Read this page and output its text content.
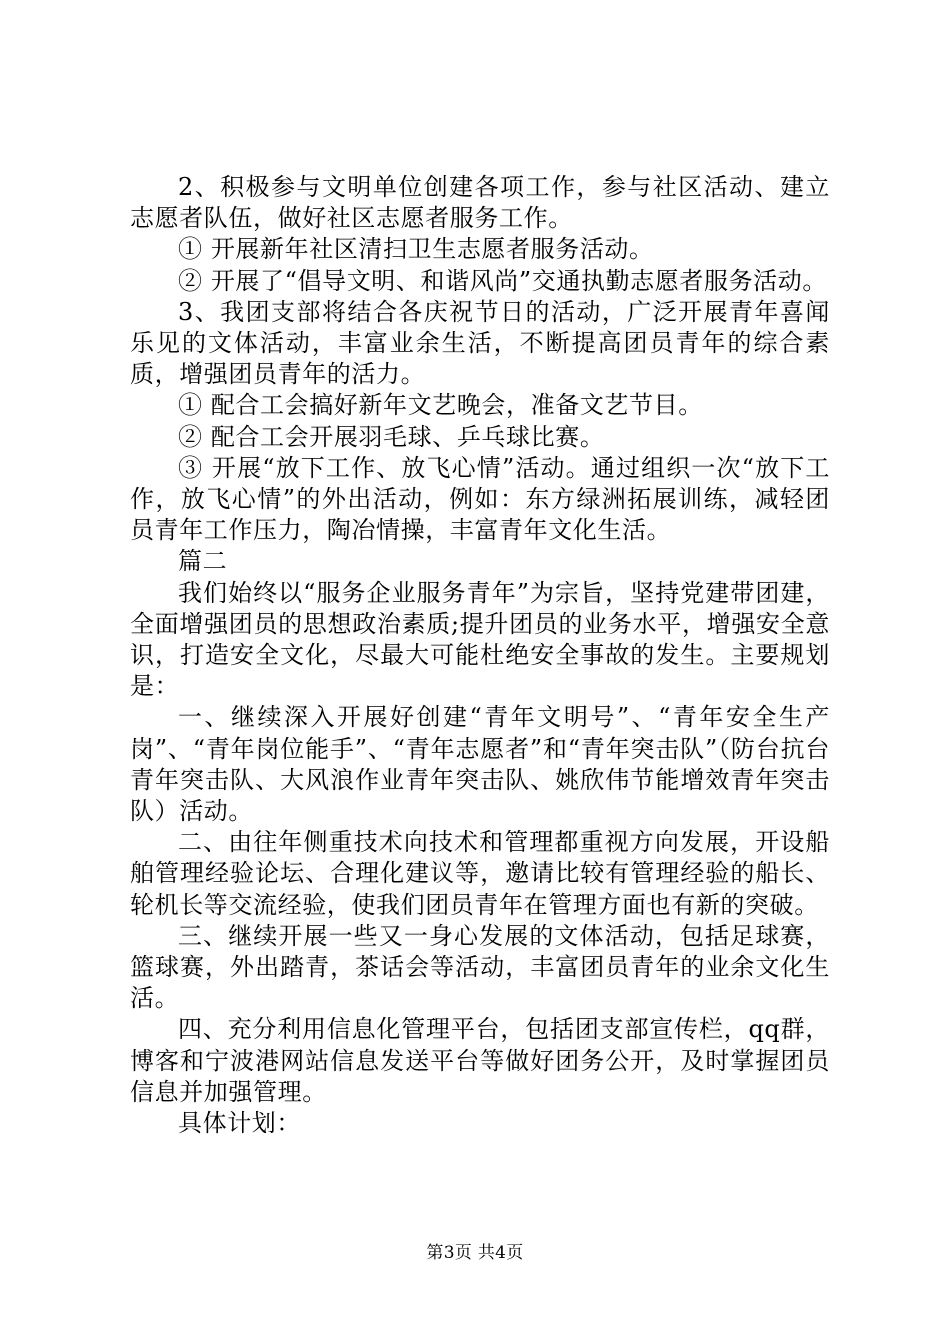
2、积极参与文明单位创建各项工作，参与社区活动、建立志愿者队伍，做好社区志愿者服务工作。

① 开展新年社区清扫卫生志愿者服务活动。

② 开展了“倡导文明、和谐风尚”交通执勤志愿者服务活动。

3、我团支部将结合各庆祝节日的活动，广泛开展青年喜闻乐见的文体活动，丰富业余生活，不断提高团员青年的综合素质，增强团员青年的活力。

① 配合工会搞好新年文艺晚会，准备文艺节目。

② 配合工会开展羽毛球、乒乓球比赛。

③ 开展“放下工作、放飞心情”活动。通过组织一次“放下工作，放飞心情”的外出活动，例如：东方绿洲拓展训练，减轻团员青年工作压力，陶冶情操，丰富青年文化生活。

篇二

我们始终以“服务企业服务青年”为宗旨，坚持党建带团建，全面增强团员的思想政治素质;提升团员的业务水平，增强安全意识，打造安全文化，尽最大可能杜绝安全事故的发生。主要规划是：

一、继续深入开展好创建“青年文明号”、“青年安全生产岗”、“青年岗位能手”、“青年志愿者”和“青年突击队”（防台抗台青年突击队、大风浪作业青年突击队、姚欣伟节能增效青年突击队）活动。

二、由往年侧重技术向技术和管理都重视方向发展，开设船舶管理经验论坛、合理化建议等，邀请比较有管理经验的船长、轮机长等交流经验，使我们团员青年在管理方面也有新的突破。

三、继续开展一些又一身心发展的文体活动，包括足球赛，篮球赛，外出踏青，茶话会等活动，丰富团员青年的业余文化生活。

四、充分利用信息化管理平台，包括团支部宣传栏，qq群，博客和宁波港网站信息发送平台等做好团务公开，及时掌握团员信息并加强管理。

具体计划：

第3页 共4页
